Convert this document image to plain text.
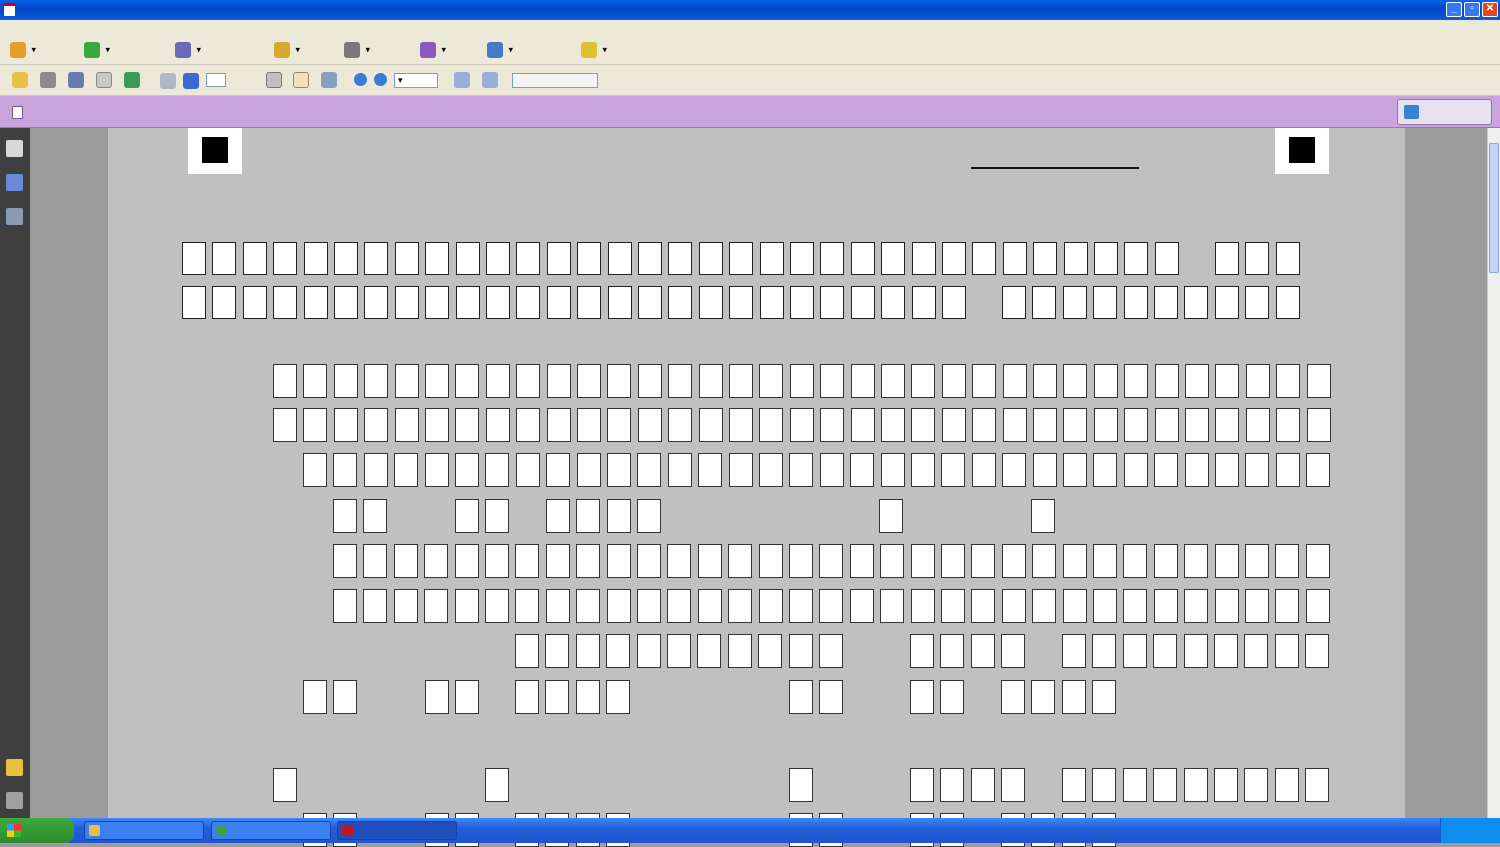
_	▫	✕
▾	▾	▾	▾	▾	▾	▾	▾
▾
